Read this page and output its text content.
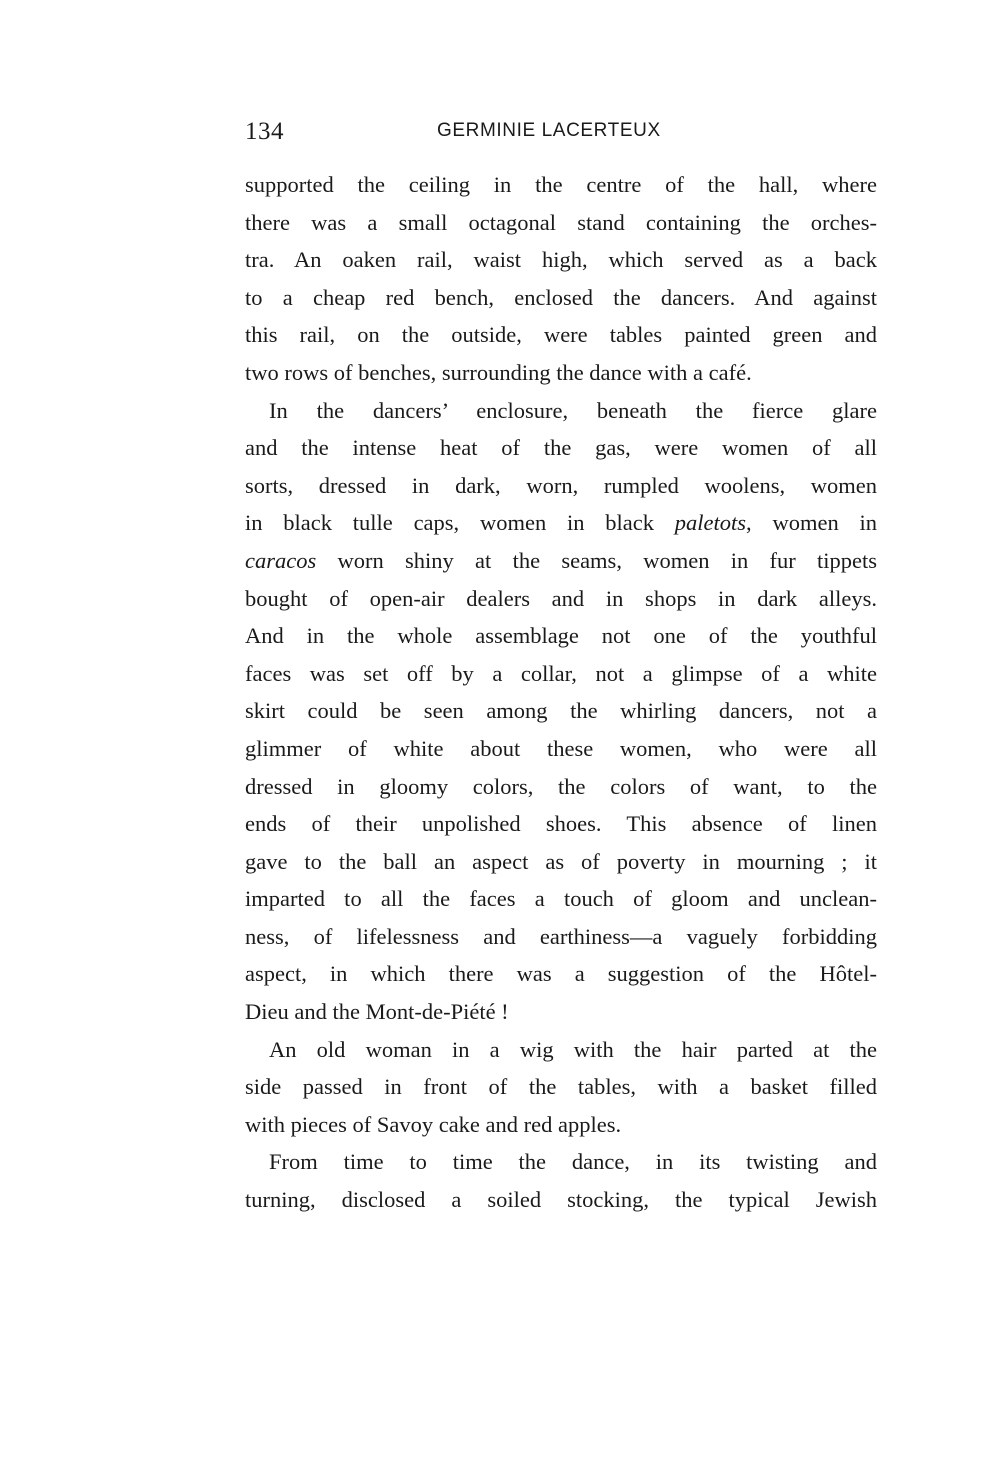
134	GERMINIE LACERTEUX
supported the ceiling in the centre of the hall, where
there was a small octagonal stand containing the orches-
tra. An oaken rail, waist high, which served as a back
to a cheap red bench, enclosed the dancers. And against
this rail, on the outside, were tables painted green and
two rows of benches, surrounding the dance with a café.
In the dancers’ enclosure, beneath the fierce glare
and the intense heat of the gas, were women of all
sorts, dressed in dark, worn, rumpled woolens, women
in black tulle caps, women in black paletots, women in
caracos worn shiny at the seams, women in fur tippets
bought of open-air dealers and in shops in dark alleys.
And in the whole assemblage not one of the youthful
faces was set off by a collar, not a glimpse of a white
skirt could be seen among the whirling dancers, not a
glimmer of white about these women, who were all
dressed in gloomy colors, the colors of want, to the
ends of their unpolished shoes. This absence of linen
gave to the ball an aspect as of poverty in mourning ; it
imparted to all the faces a touch of gloom and unclean-
ness, of lifelessness and earthiness—a vaguely forbidding
aspect, in which there was a suggestion of the Hôtel-
Dieu and the Mont-de-Piété !
An old woman in a wig with the hair parted at the
side passed in front of the tables, with a basket filled
with pieces of Savoy cake and red apples.
From time to time the dance, in its twisting and
turning, disclosed a soiled stocking, the typical Jewish
